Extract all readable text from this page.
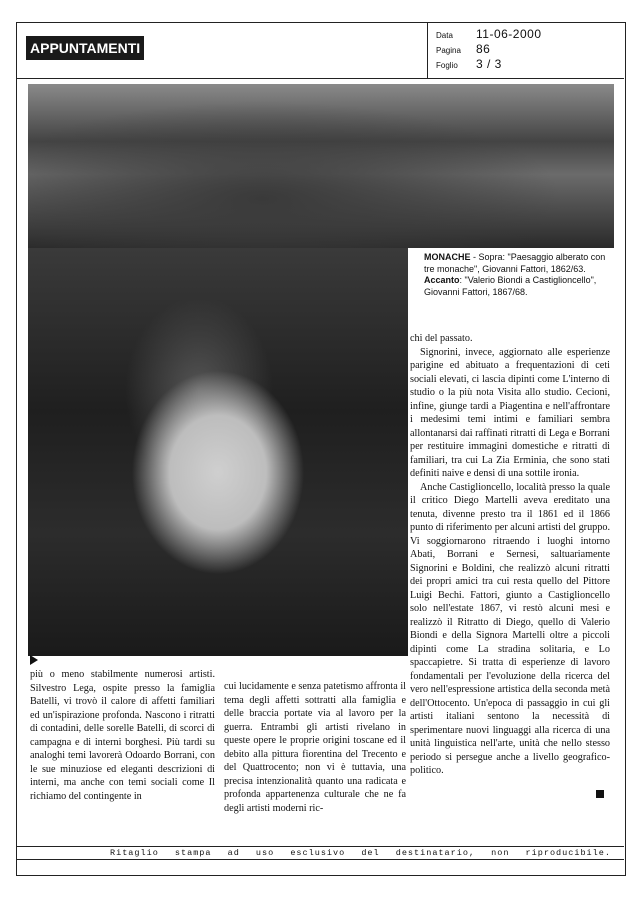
APPUNTAMENTI
Data	11-06-2000
Pagina	86
Foglio	3 / 3
MONACHE - Sopra: "Paesaggio alberato con tre monache", Giovanni Fattori, 1862/63. Accanto: "Valerio Biondi a Castiglioncello", Giovanni Fattori, 1867/68.

chi del passato.

Signorini, invece, aggiornato alle esperienze parigine ed abituato a frequentazioni di ceti sociali elevati, ci lascia dipinti come L'interno di studio o la più nota Visita allo studio. Cecioni, infine, giunge tardi a Piagentina e nell'affrontare i medesimi temi intimi e familiari sembra allontanarsi dai raffinati ritratti di Lega e Borrani per restituire immagini domestiche e ritratti di familiari, tra cui La Zia Erminia, che sono stati definiti naive e densi di una sottile ironia.

Anche Castiglioncello, località presso la quale il critico Diego Martelli aveva ereditato una tenuta, divenne presto tra il 1861 ed il 1866 punto di riferimento per alcuni artisti del gruppo. Vi soggiornarono ritraendo i luoghi intorno Abati, Borrani e Sernesi, saltuariamente Signorini e Boldini, che realizzò alcuni ritratti dei propri amici tra cui resta quello del Pittore Luigi Bechi. Fattori, giunto a Castiglioncello solo nell'estate 1867, vi restò alcuni mesi e realizzò il Ritratto di Diego, quello di Valerio Biondi e della Signora Martelli oltre a piccoli dipinti come La stradina solitaria, e Lo spaccapietre. Si tratta di esperienze di lavoro fondamentali per l'evoluzione della ricerca del vero nell'espressione artistica della seconda metà dell'Ottocento. Un'epoca di passaggio in cui gli artisti italiani sentono la necessità di sperimentare nuovi linguaggi alla ricerca di una unità linguistica nell'arte, unità che nello stesso periodo si persegue anche a livello geografico-politico.

più o meno stabilmente numerosi artisti. Silvestro Lega, ospite presso la famiglia Batelli, vi trovò il calore di affetti familiari ed un'ispirazione profonda. Nascono i ritratti di contadini, delle sorelle Batelli, di scorci di campagna e di interni borghesi. Più tardi su analoghi temi lavorerà Odoardo Borrani, con le sue minuziose ed eleganti descrizioni di interni, ma anche con temi sociali come Il richiamo del contingente in

cui lucidamente e senza patetismo affronta il tema degli affetti sottratti alla famiglia e delle braccia portate via al lavoro per la guerra. Entrambi gli artisti rivelano in queste opere le proprie origini toscane ed il debito alla pittura fiorentina del Trecento e del Quattrocento; non vi è tuttavia, una precisa intenzionalità quanto una radicata e profonda appartenenza culturale che ne fa degli artisti moderni ric-

Ritaglio stampa ad uso esclusivo del destinatario, non riproducibile.
